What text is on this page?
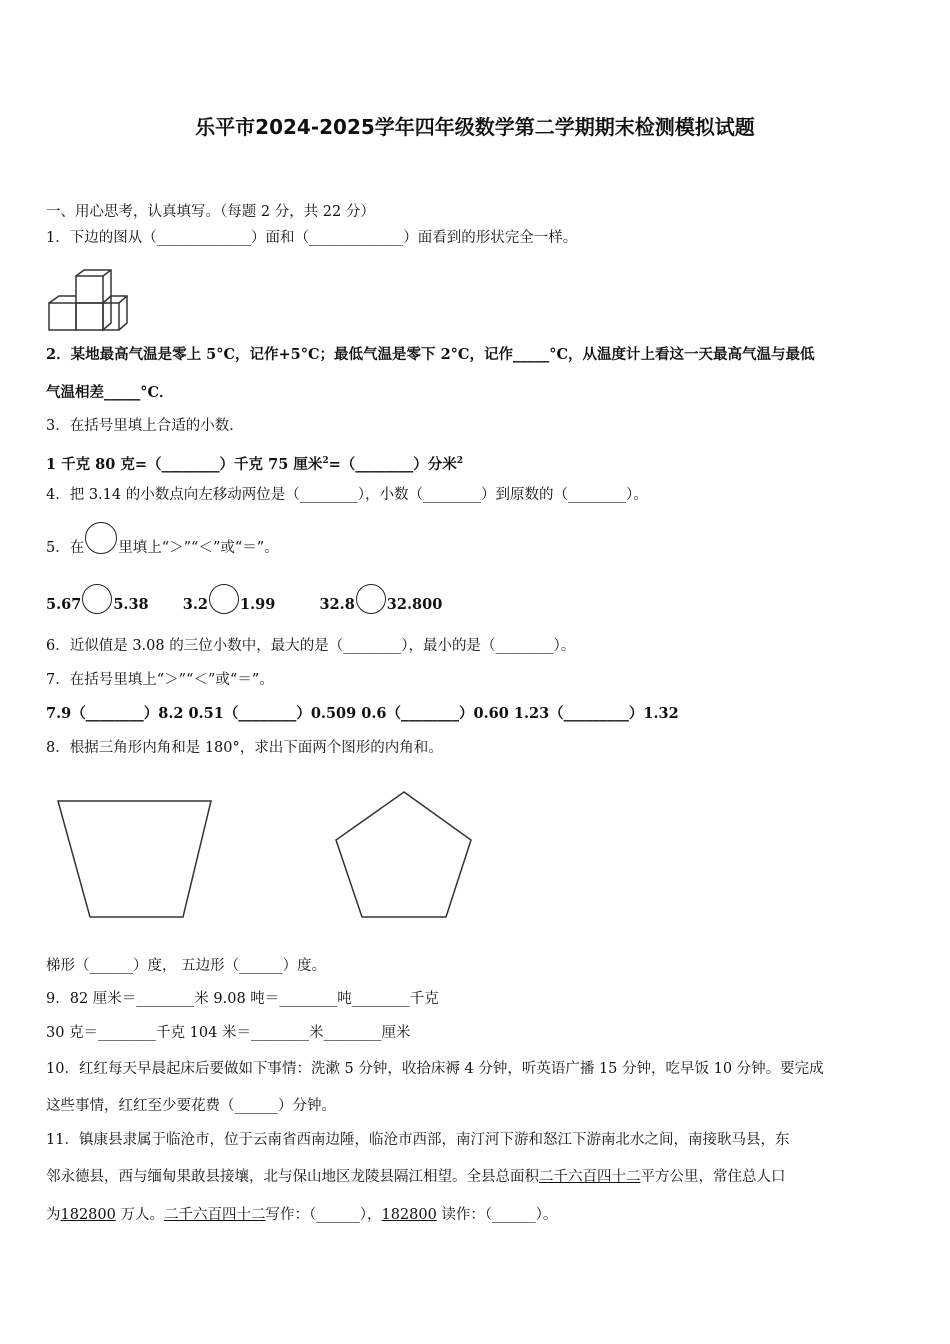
乐平市2024-2025学年四年级数学第二学期期末检测模拟试题
一、用心思考，认真填写。（每题 2 分，共 22 分）
1．下边的图从（_____________）面和（_____________）面看到的形状完全一样。
2．某地最高气温是零上 5°C，记作+5°C；最低气温是零下 2°C，记作_____°C，从温度计上看这一天最高气温与最低
气温相差_____°C．
3．在括号里填上合适的小数．
1 千克 80 克=（________）千克 75 厘米$^2$=（________）分米$^2$
4．把 3.14 的小数点向左移动两位是（________），小数（________）到原数的（________）。
5．在 里填上“＞”“＜”或“＝”。
5.67 5.38 3.2 1.99	32.8 32.800
6．近似值是 3.08 的三位小数中，最大的是（________），最小的是（________）。
7．在括号里填上“＞”“＜”或“＝”。
7.9（________）8.2 0.51（________）0.509 0.6（________）0.60 1.23（_________）1.32
8．根据三角形内角和是 180°，求出下面两个图形的内角和。
梯形（______）度， 五边形（______）度。
9．82 厘米＝________米 9.08 吨＝________吨________千克
30 克＝________千克 104 米＝________米________厘米
10．红红每天早晨起床后要做如下事情：洗漱 5 分钟，收拾床褥 4 分钟，听英语广播 15 分钟，吃早饭 10 分钟。要完成
这些事情，红红至少要花费（______）分钟。
11．镇康县隶属于临沧市，位于云南省西南边陲，临沧市西部，南汀河下游和怒江下游南北水之间，南接耿马县，东
邻永德县，西与缅甸果敢县接壤，北与保山地区龙陵县隔江相望。全县总面积二千六百四十二平方公里，常住总人口
为182800 万人。二千六百四十二写作：（______），182800 读作：（______）。
